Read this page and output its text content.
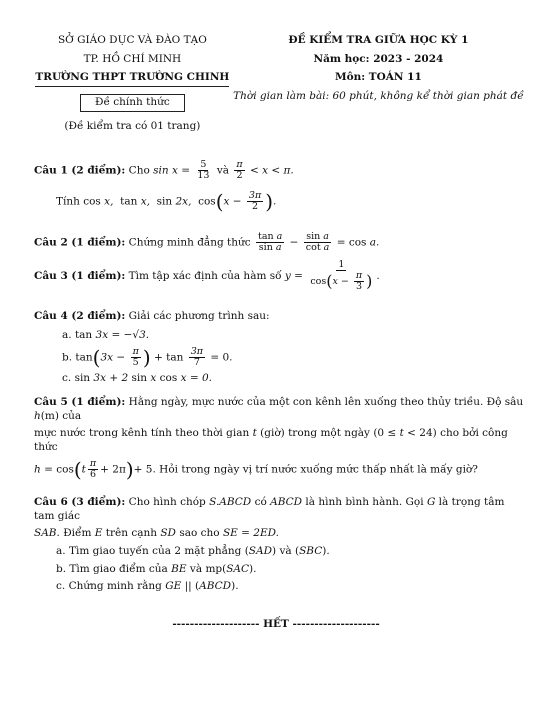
SỞ GIÁO DỤC VÀ ĐÀO TẠO
TP. HỒ CHÍ MINH
TRƯỜNG THPT TRƯỜNG CHINH
Đề chính thức
(Đề kiểm tra có 01 trang)
ĐỀ KIỂM TRA GIỮA HỌC KỲ 1
Năm học: 2023 - 2024
Môn: TOÁN 11
Thời gian làm bài: 60 phút, không kể thời gian phát đề
Câu 1 (2 điểm): Cho $\sin x = \frac{5}{13}$ và $\frac{\pi}{2} < x < \pi$.
Tính cos x,  tan x,  sin 2x,  $\cos(x - \frac{3\pi}{2}$ ).
Câu 2 (1 điểm): Chứng minh đẳng thức $\frac{\text{tan a}}{\text{sin a}} - \frac{\text{sin a}}{\text{cot a}} = \cos a$.
Câu 3 (1 điểm): Tìm tập xác định của hàm số $y = \frac{1}{\cos(x - \frac{\pi}{3} )}$ .
Câu 4 (2 điểm): Giải các phương trình sau:
a. tan 3x = −√3.
b. $\tan(3x - \frac{\pi}{5}$ ) + $\tan \frac{3\pi}{7} = 0$.
c. sin 3x + 2 sin x cos x = 0.
Câu 5 (1 điểm): Hằng ngày, mực nước của một con kênh lên xuống theo thủy triều. Độ sâu h(m) của
mực nước trong kênh tính theo thời gian t (giờ) trong một ngày (0 ≤ t < 24) cho bởi công thức
$h = \cos(t \frac{\pi}{6} + 2\pi)+ 5$. Hỏi trong ngày vị trí nước xuống mức thấp nhất là mấy giờ?
Câu 6 (3 điểm): Cho hình chóp S.ABCD có ABCD là hình bình hành. Gọi G là trọng tâm tam giác
SAB. Điểm E trên cạnh SD sao cho SE = 2ED.
a. Tìm giao tuyến của 2 mặt phẳng (SAD) và (SBC).
b. Tìm giao điểm của BE và mp(SAC).
c. Chứng minh rằng GE || (ABCD).
-------------------- HẾT --------------------
